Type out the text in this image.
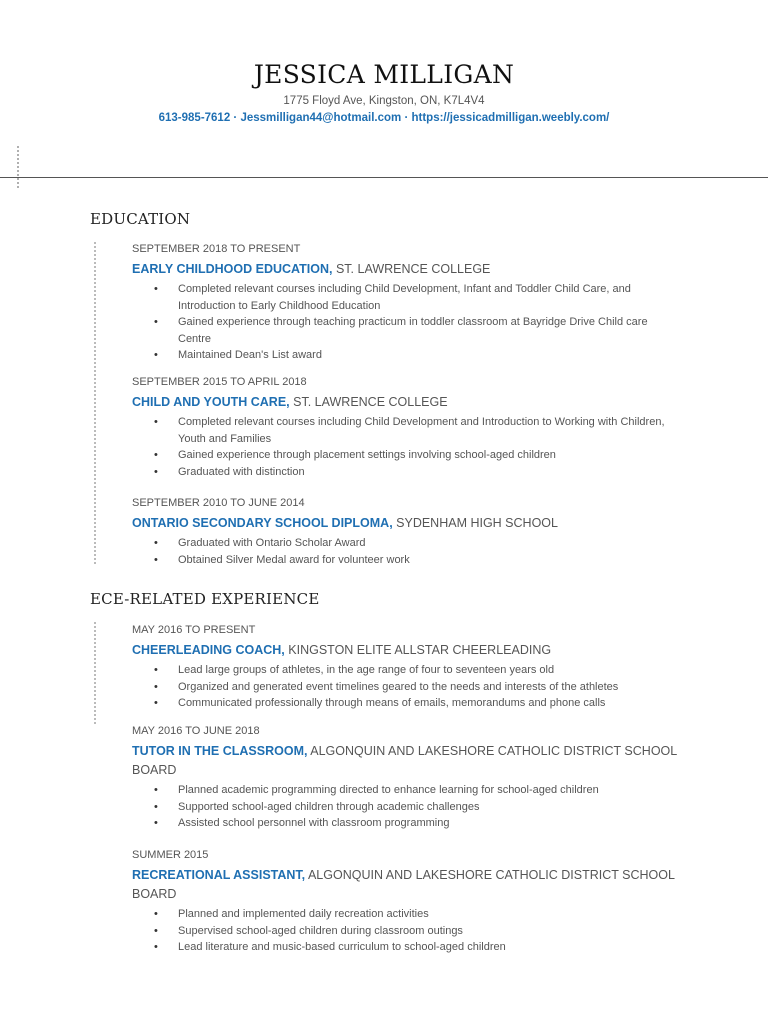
JESSICA MILLIGAN
1775 Floyd Ave, Kingston, ON, K7L4V4
613-985-7612 · Jessmilligan44@hotmail.com · https://jessicadmilligan.weebly.com/
EDUCATION
SEPTEMBER 2018 TO PRESENT
EARLY CHILDHOOD EDUCATION, ST. LAWRENCE COLLEGE
• Completed relevant courses including Child Development, Infant and Toddler Child Care, and Introduction to Early Childhood Education
• Gained experience through teaching practicum in toddler classroom at Bayridge Drive Child care Centre
• Maintained Dean's List award
SEPTEMBER 2015 TO APRIL 2018
CHILD AND YOUTH CARE, ST. LAWRENCE COLLEGE
• Completed relevant courses including Child Development and Introduction to Working with Children, Youth and Families
• Gained experience through placement settings involving school-aged children
• Graduated with distinction
SEPTEMBER 2010 TO JUNE 2014
ONTARIO SECONDARY SCHOOL DIPLOMA, SYDENHAM HIGH SCHOOL
• Graduated with Ontario Scholar Award
• Obtained Silver Medal award for volunteer work
ECE-RELATED EXPERIENCE
MAY 2016 TO PRESENT
CHEERLEADING COACH, KINGSTON ELITE ALLSTAR CHEERLEADING
• Lead large groups of athletes, in the age range of four to seventeen years old
• Organized and generated event timelines geared to the needs and interests of the athletes
• Communicated professionally through means of emails, memorandums and phone calls
MAY 2016 TO JUNE 2018
TUTOR IN THE CLASSROOM, ALGONQUIN AND LAKESHORE CATHOLIC DISTRICT SCHOOL BOARD
• Planned academic programming directed to enhance learning for school-aged children
• Supported school-aged children through academic challenges
• Assisted school personnel with classroom programming
SUMMER 2015
RECREATIONAL ASSISTANT, ALGONQUIN AND LAKESHORE CATHOLIC DISTRICT SCHOOL BOARD
• Planned and implemented daily recreation activities
• Supervised school-aged children during classroom outings
• Lead literature and music-based curriculum to school-aged children
